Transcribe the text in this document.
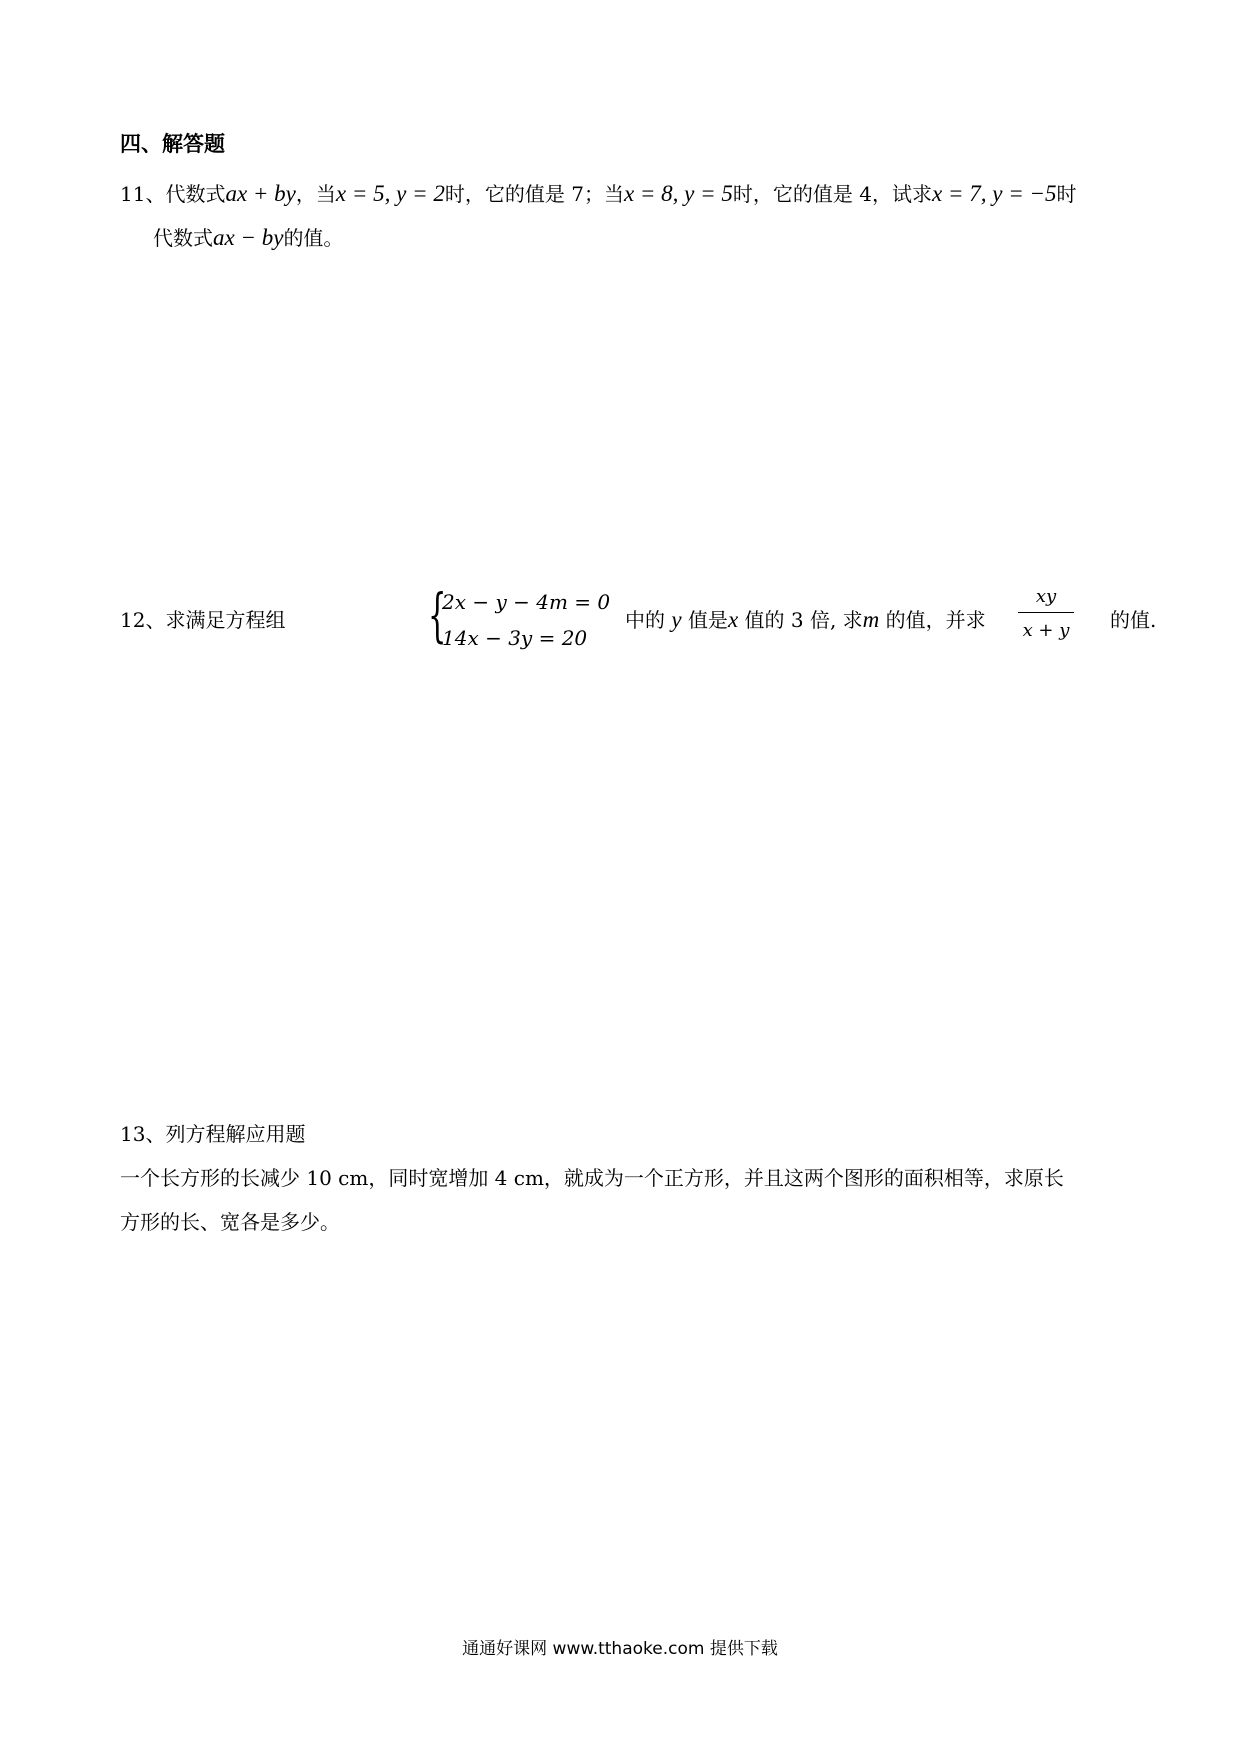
四、解答题
11、代数式ax + by，当x = 5, y = 2时，它的值是 7；当x = 8, y = 5时，它的值是 4，试求x = 7, y = −5时
代数式ax − by的值。
12、求满足方程组 {
2x − y − 4m = 0
14x − 3y = 20
中的 y 值是x 值的 3 倍, 求m 的值，并求
xy
x + y 的值.
13、列方程解应用题
一个长方形的长减少 10 cm，同时宽增加 4 cm，就成为一个正方形，并且这两个图形的面积相等，求原长
方形的长、宽各是多少。
通通好课网 www.tthaoke.com 提供下载
